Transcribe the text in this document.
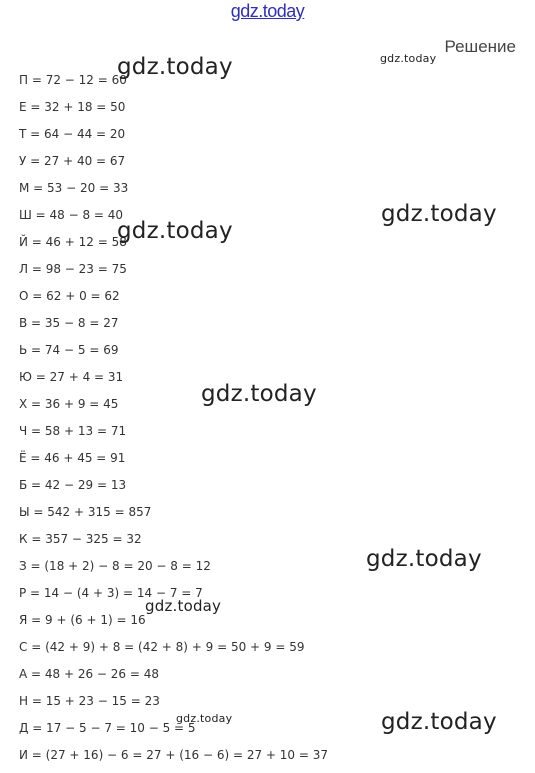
gdz.today
Решение
П = 72 − 12 = 60
Е = 32 + 18 = 50
Т = 64 − 44 = 20
У = 27 + 40 = 67
М = 53 − 20 = 33
Ш = 48 − 8 = 40
Й = 46 + 12 = 58
Л = 98 − 23 = 75
О = 62 + 0 = 62
В = 35 − 8 = 27
Ь = 74 − 5 = 69
Ю = 27 + 4 = 31
Х = 36 + 9 = 45
Ч = 58 + 13 = 71
Ё = 46 + 45 = 91
Б = 42 − 29 = 13
Ы = 542 + 315 = 857
К = 357 − 325 = 32
З = (18 + 2) − 8 = 20 − 8 = 12
Р = 14 − (4 + 3) = 14 − 7 = 7
Я = 9 + (6 + 1) = 16
С = (42 + 9) + 8 = (42 + 8) + 9 = 50 + 9 = 59
А = 48 + 26 − 26 = 48
Н = 15 + 23 − 15 = 23
Д = 17 − 5 − 7 = 10 − 5 = 5
И = (27 + 16) − 6 = 27 + (16 − 6) = 27 + 10 = 37
gdz.today
gdz.today
gdz.today
gdz.today
gdz.today
gdz.today
gdz.today
gdz.today	gdz.today
